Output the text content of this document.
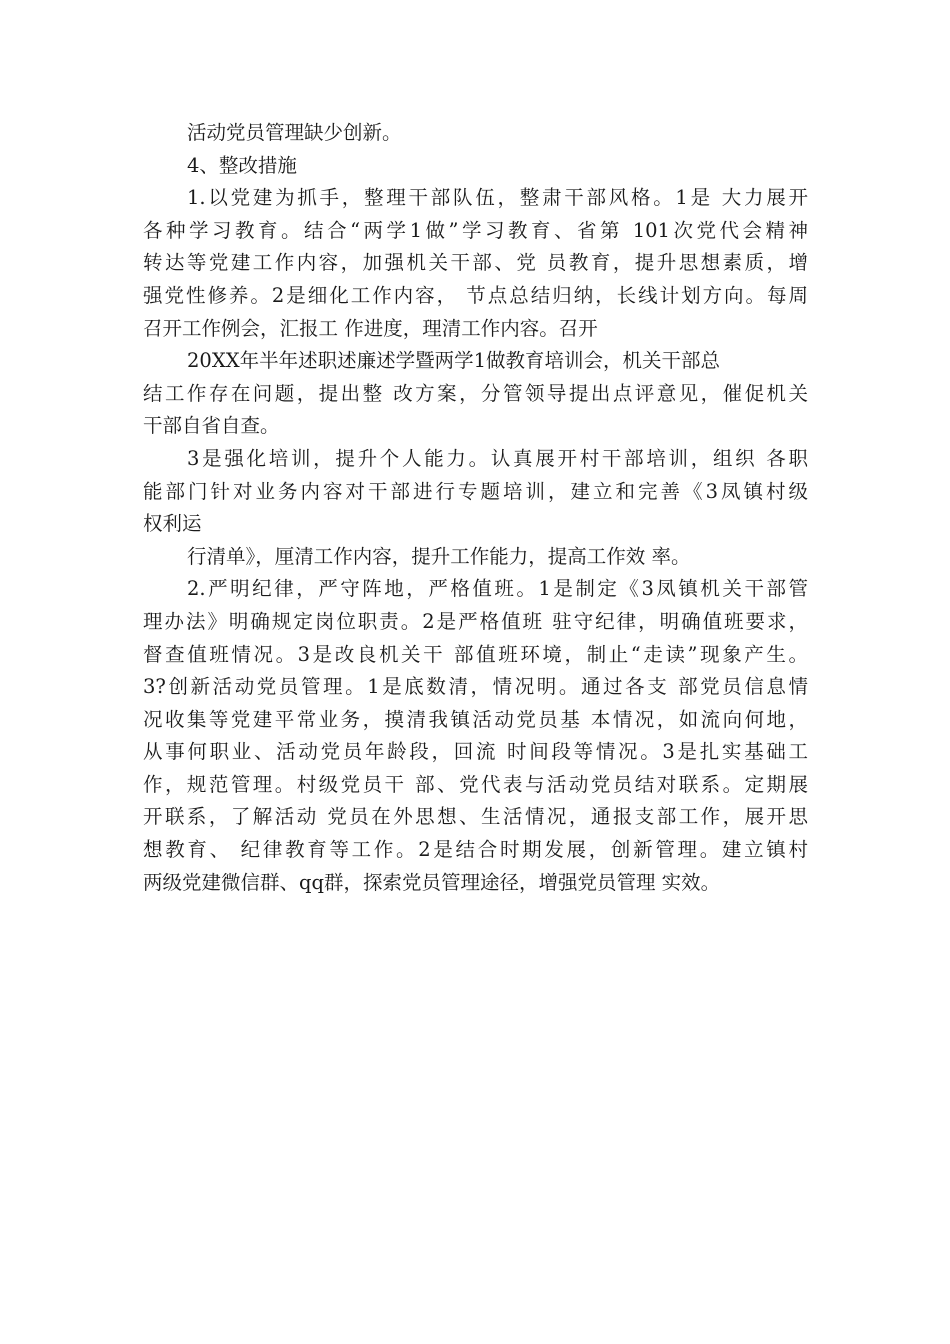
活动党员管理缺少创新。
4、整改措施
1.以党建为抓手，整理干部队伍，整肃干部风格。1是 大力展开
各种学习教育。结合“两学1做”学习教育、省第 101次党代会精神
转达等党建工作内容，加强机关干部、党 员教育，提升思想素质，增
强党性修养。2是细化工作内容， 节点总结归纳，长线计划方向。每周
召开工作例会，汇报工 作进度，理清工作内容。召开
20XX年半年述职述廉述学暨两学1做教育培训会，机关干部总
结工作存在问题，提出整 改方案，分管领导提出点评意见，催促机关
干部自省自查。
3是强化培训，提升个人能力。认真展开村干部培训，组织 各职
能部门针对业务内容对干部进行专题培训，建立和完善《3凤镇村级
权利运
行清单》，厘清工作内容，提升工作能力，提高工作效 率。
2.严明纪律，严守阵地，严格值班。1是制定《3凤镇机关干部管
理办法》明确规定岗位职责。2是严格值班 驻守纪律，明确值班要求，
督查值班情况。3是改良机关干 部值班环境，制止“走读”现象产生。
3?创新活动党员管理。1是底数清，情况明。通过各支 部党员信息情
况收集等党建平常业务，摸清我镇活动党员基 本情况，如流向何地，
从事何职业、活动党员年龄段，回流 时间段等情况。3是扎实基础工
作，规范管理。村级党员干 部、党代表与活动党员结对联系。定期展
开联系，了解活动 党员在外思想、生活情况，通报支部工作，展开思
想教育、 纪律教育等工作。2是结合时期发展，创新管理。建立镇村
两级党建微信群、qq群，探索党员管理途径，增强党员管理 实效。
